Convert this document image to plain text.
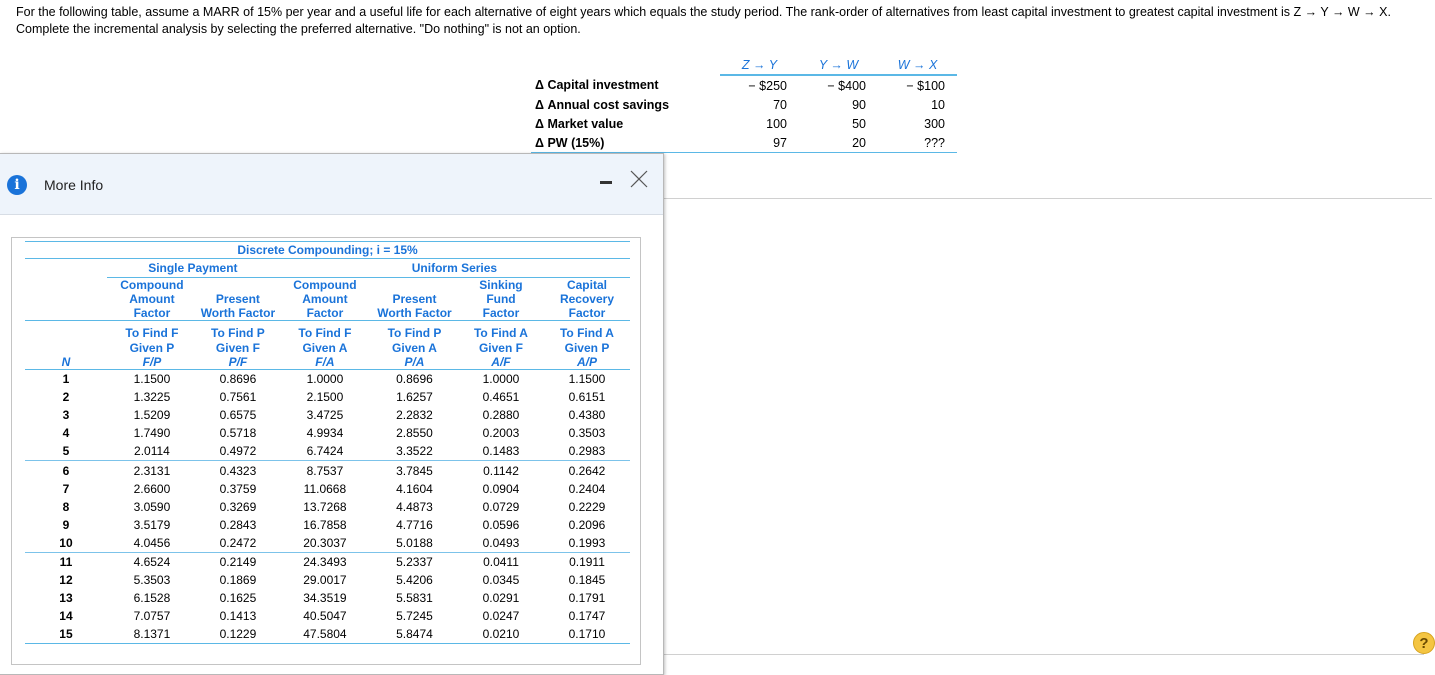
For the following table, assume a MARR of 15% per year and a useful life for each alternative of eight years which equals the study period. The rank-order of alternatives from least capital investment to greatest capital investment is Z → Y → W → X. Complete the incremental analysis by selecting the preferred alternative. "Do nothing" is not an option.
	Z → Y	Y → W	W → X
Δ Capital investment	− $250	− $400	− $100
Δ Annual cost savings	70	90	10
Δ Market value	100	50	300
Δ PW (15%)	97	20	???
i	More Info
Discrete Compounding; i = 15%						
	Single Payment		Uniform Series			
	Compound		Compound		Sinking	Capital
	Amount	Present	Amount	Present	Fund	Recovery
	Factor	Worth Factor	Factor	Worth Factor	Factor	Factor
	To Find F	To Find P	To Find F	To Find P	To Find A	To Find A
	Given P	Given F	Given A	Given A	Given F	Given P
N	F/P	P/F	F/A	P/A	A/F	A/P
1	1.1500	0.8696	1.0000	0.8696	1.0000	1.1500
2	1.3225	0.7561	2.1500	1.6257	0.4651	0.6151
3	1.5209	0.6575	3.4725	2.2832	0.2880	0.4380
4	1.7490	0.5718	4.9934	2.8550	0.2003	0.3503
5	2.0114	0.4972	6.7424	3.3522	0.1483	0.2983
6	2.3131	0.4323	8.7537	3.7845	0.1142	0.2642
7	2.6600	0.3759	11.0668	4.1604	0.0904	0.2404
8	3.0590	0.3269	13.7268	4.4873	0.0729	0.2229
9	3.5179	0.2843	16.7858	4.7716	0.0596	0.2096
10	4.0456	0.2472	20.3037	5.0188	0.0493	0.1993
11	4.6524	0.2149	24.3493	5.2337	0.0411	0.1911
12	5.3503	0.1869	29.0017	5.4206	0.0345	0.1845
13	6.1528	0.1625	34.3519	5.5831	0.0291	0.1791
14	7.0757	0.1413	40.5047	5.7245	0.0247	0.1747
15	8.1371	0.1229	47.5804	5.8474	0.0210	0.1710
?
